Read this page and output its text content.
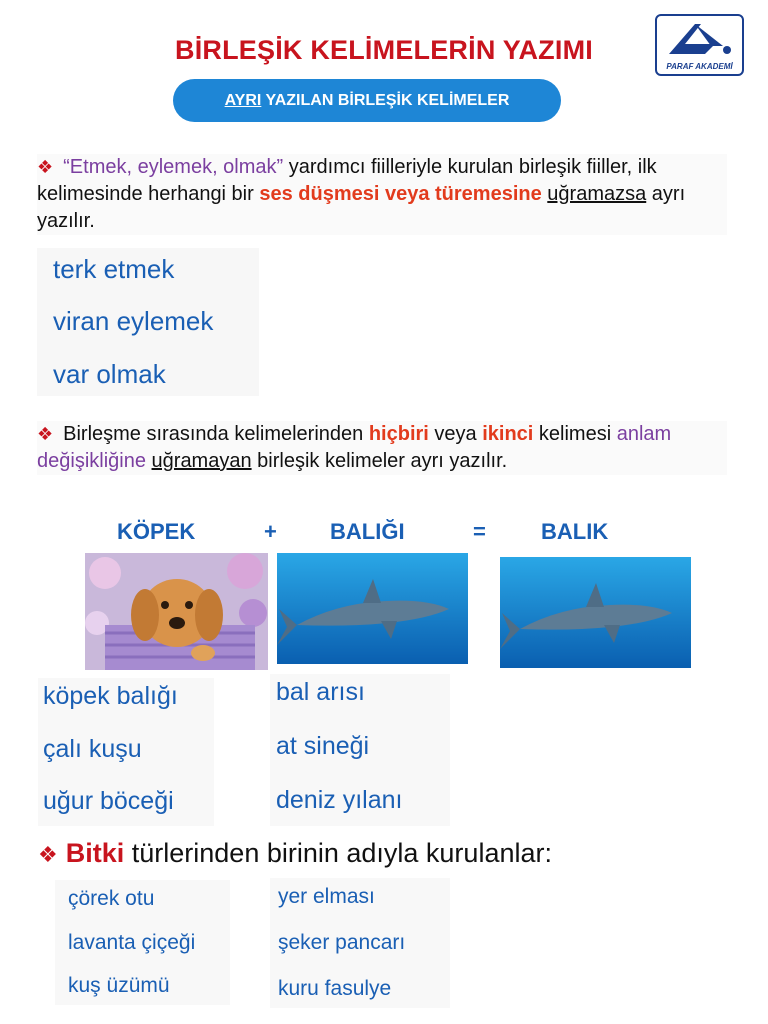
BİRLEŞİK KELİMELERİN YAZIMI
PARAF AKADEMİ
AYRI YAZILAN BİRLEŞİK KELİMELER
❖ “Etmek, eylemek, olmak” yardımcı fiilleriyle kurulan birleşik fiiller, ilk kelimesinde herhangi bir ses düşmesi veya türemesine uğramazsa ayrı yazılır.
terk etmek
viran eylemek
var olmak
❖ Birleşme sırasında kelimelerinden hiçbiri veya ikinci kelimesi anlam değişikliğine uğramayan birleşik kelimeler ayrı yazılır.
KÖPEK	+ BALIĞI	=	BALIK
köpek balığı
çalı kuşu
uğur böceği
bal arısı
at sineği
deniz yılanı
❖ Bitki türlerinden birinin adıyla kurulanlar:
çörek otu
lavanta çiçeği
kuş üzümü
yer elması
şeker pancarı
kuru fasulye
